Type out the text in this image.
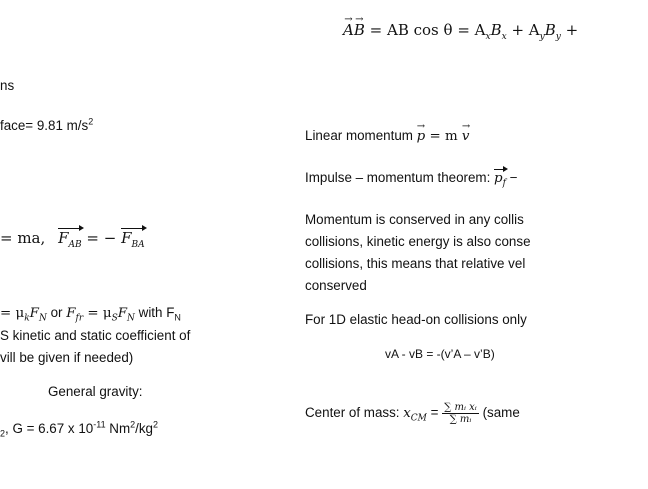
ns
face= 9.81 $m/s^2$
= ma, $F_{AB}$ = − $F_{BA}$
= $\mu_kF_N$ or $F_{fr} = \mu_SF_N$ with $F_N$
S kinetic and static coefficient of
vill be given if needed)
General gravity:
$_2$, G = 6.67 x $10^{-11}$ $Nm^2/kg^2$
→ A→ B = AB $\cos \theta = A_xB_x + A_yB_y$ +
Linear momentum → p = m → v
Impulse – momentum theorem: $p_f$ −
Momentum is conserved in any collis
collisions, kinetic energy is also conse
collisions, this means that relative vel
conserved
For 1D elastic head-on collisions only
vA - vB = -(v’A – v’B)
Center of mass: $x_{CM} = \frac{\text{∑ mᵢ xᵢ}}{\text{∑ mᵢ}}$ (same
